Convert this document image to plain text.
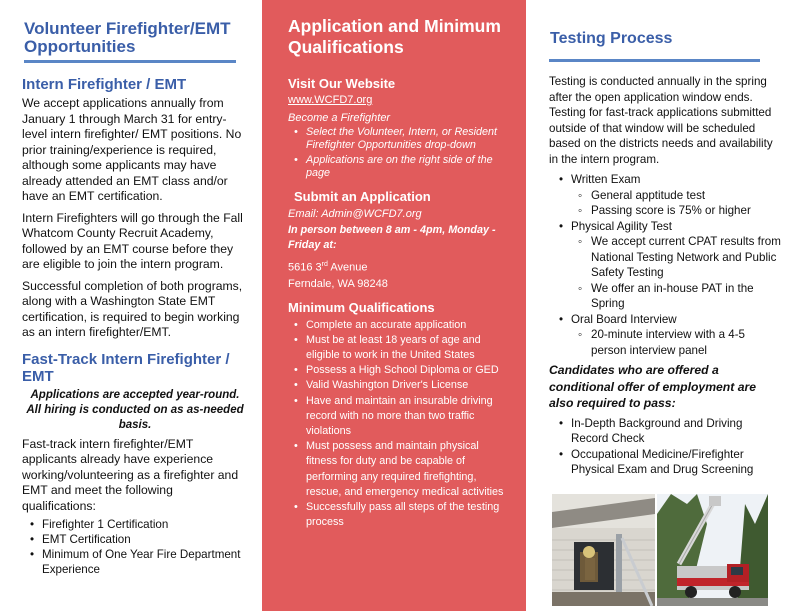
Volunteer Firefighter/EMT Opportunities
Intern Firefighter / EMT

We accept applications annually from January 1 through March 31 for entry-level intern firefighter/ EMT positions. No prior training/experience is required, although some applicants may have already attended an EMT class and/or have an EMT certification.

Intern Firefighters will go through the Fall Whatcom County Recruit Academy, followed by an EMT course before they are eligible to join the intern program.

Successful completion of both programs, along with a Washington State EMT certification, is required to begin working as an intern firefighter/EMT.

Fast-Track Intern Firefighter / EMT

Applications are accepted year-round. All hiring is conducted on as as-needed basis.

Fast-track intern firefighter/EMT applicants already have experience working/volunteering as a firefighter and EMT and meet the following qualifications:

• Firefighter 1 Certification
• EMT Certification
• Minimum of One Year Fire Department Experience
Application and Minimum Qualifications
Visit Our Website
www.WCFD7.org

Become a Firefighter

• Select the Volunteer, Intern, or Resident Firefighter Opportunities drop-down
• Applications are on the right side of the page
Submit an Application

Email: Admin@WCFD7.org

In person between 8 am - 4pm, Monday - Friday at:

5616 3rd Avenue
Ferndale, WA 98248

Minimum Qualifications
• Complete an accurate application
• Must be at least 18 years of age and eligible to work in the United States
• Possess a High School Diploma or GED
• Valid Washington Driver's License
• Have and maintain an insurable driving record with no more than two traffic violations
• Must possess and maintain physical fitness for duty and be capable of performing any required firefighting, rescue, and emergency medical activities
• Successfully pass all steps of the testing process
Testing Process

Testing is conducted annually in the spring after the open application window ends. Testing for fast-track applications submitted outside of that window will be scheduled based on the districts needs and availability in the intern program.

• Written Exam
◦ General apptitude test
◦ Passing score is 75% or higher
• Physical Agility Test
◦ We accept current CPAT results from National Testing Network and Public Safety Testing
◦ We offer an in-house PAT in the Spring
• Oral Board Interview
◦ 20-minute interview with a 4-5 person interview panel

Candidates who are offered a conditional offer of employment are also required to pass:

• In-Depth Background and Driving Record Check
• Occupational Medicine/Firefighter Physical Exam and Drug Screening
